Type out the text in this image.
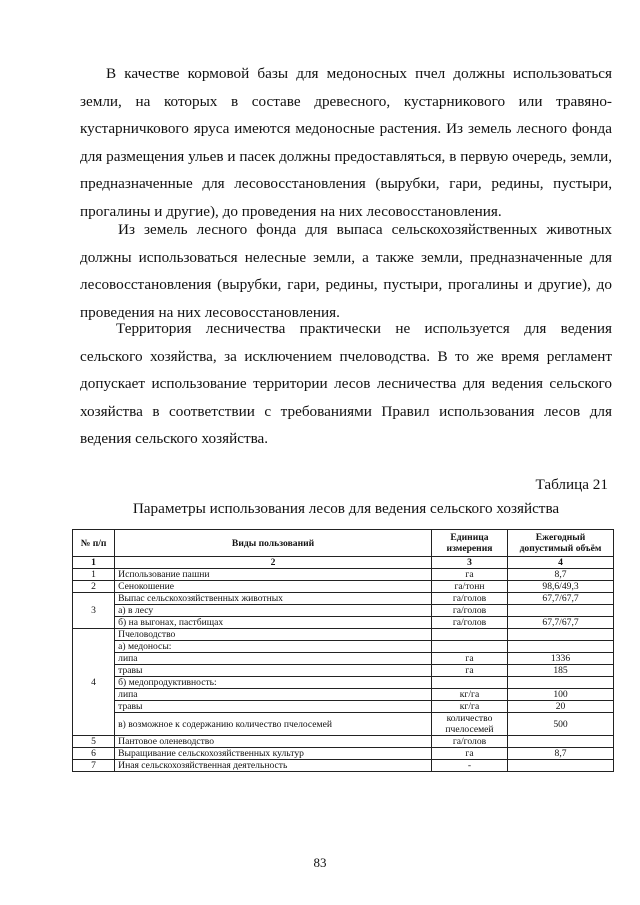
В качестве кормовой базы для медоносных пчел должны использоваться земли, на которых в составе древесного, кустарникового или травяно-кустарничкового яруса имеются медоносные растения. Из земель лесного фонда для размещения ульев и пасек должны предоставляться, в первую очередь, земли, предназначенные для лесовосстановления (вырубки, гари, редины, пустыри, прогалины и другие), до проведения на них лесовосстановления.

Из земель лесного фонда для выпаса сельскохозяйственных животных должны использоваться нелесные земли, а также земли, предназначенные для лесовосстановления (вырубки, гари, редины, пустыри, прогалины и другие), до проведения на них лесовосстановления.

Территория лесничества практически не используется для ведения сельского хозяйства, за исключением пчеловодства. В то же время регламент допускает использование территории лесов лесничества для ведения сельского хозяйства в соответствии с требованиями Правил использования лесов для ведения сельского хозяйства.

Таблица 21
Параметры использования лесов для ведения сельского хозяйства
№ п/п	Виды пользований	Единица измерения	Ежегодный допустимый объём
1	2	3	4
1	Использование пашни	га	8,7
2	Сенокошение	га/тонн	98,6/49,3
3	Выпас сельскохозяйственных животных	га/голов	67,7/67,7
	а) в лесу	га/голов	
	б) на выгонах, пастбищах	га/голов	67,7/67,7
4	Пчеловодство		
	а) медоносы:		
	липа	га	1336
	травы	га	185
	б) медопродуктивность:		
	липа	кг/га	100
	травы	кг/га	20
	в) возможное к содержанию количество пчелосемей	количество пчелосемей	500
5	Пантовое оленеводство	га/голов	
6	Выращивание сельскохозяйственных культур	га	8,7
7	Иная сельскохозяйственная деятельность	-	
83
